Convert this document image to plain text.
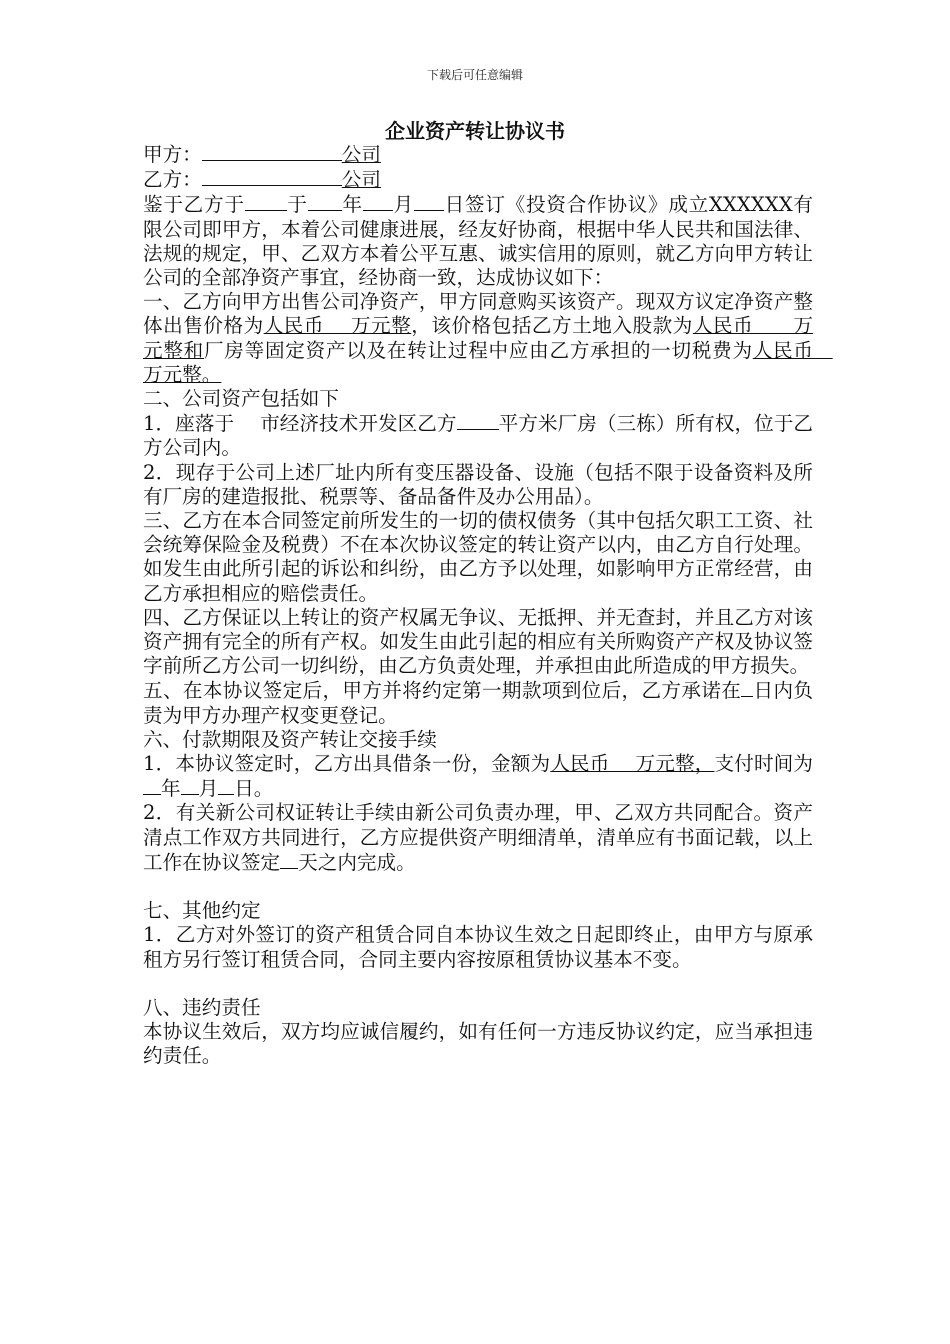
下载后可任意编辑
企业资产转让协议书

甲方：	公司

乙方：	公司

鉴于乙方于 于 年 月 日签订《投资合作协议》成立XXXXXX有限公司即甲方，本着公司健康进展，经友好协商，根据中华人民共和国法律、法规的规定，甲、乙双方本着公平互惠、诚实信用的原则，就乙方向甲方转让公司的全部净资产事宜，经协商一致，达成协议如下：

一、乙方向甲方出售公司净资产，甲方同意购买该资产。现双方议定净资产整体出售价格为人民币　 万元整，该价格包括乙方土地入股款为人民币　　万元整和厂房等固定资产以及在转让过程中应由乙方承担的一切税费为人民币　万元整。

二、公司资产包括如下

1．座落于　 市经济技术开发区乙方 平方米厂房（三栋）所有权，位于乙方公司内。

2．现存于公司上述厂址内所有变压器设备、设施（包括不限于设备资料及所有厂房的建造报批、税票等、备品备件及办公用品）。

三、乙方在本合同签定前所发生的一切的债权债务（其中包括欠职工工资、社会统筹保险金及税费）不在本次协议签定的转让资产以内，由乙方自行处理。如发生由此所引起的诉讼和纠纷，由乙方予以处理，如影响甲方正常经营，由乙方承担相应的赔偿责任。

四、乙方保证以上转让的资产权属无争议、无抵押、并无查封，并且乙方对该资产拥有完全的所有产权。如发生由此引起的相应有关所购资产产权及协议签字前所乙方公司一切纠纷，由乙方负责处理，并承担由此所造成的甲方损失。

五、在本协议签定后，甲方并将约定第一期款项到位后，乙方承诺在 日内负责为甲方办理产权变更登记。

六、付款期限及资产转让交接手续

1．本协议签定时，乙方出具借条一份，金额为人民币　 万元整，支付时间为年 月 日。

2．有关新公司权证转让手续由新公司负责办理，甲、乙双方共同配合。资产清点工作双方共同进行，乙方应提供资产明细清单，清单应有书面记载，以上工作在协议签定 天之内完成。

七、其他约定

1．乙方对外签订的资产租赁合同自本协议生效之日起即终止，由甲方与原承租方另行签订租赁合同，合同主要内容按原租赁协议基本不变。

八、违约责任

本协议生效后，双方均应诚信履约，如有任何一方违反协议约定，应当承担违约责任。
